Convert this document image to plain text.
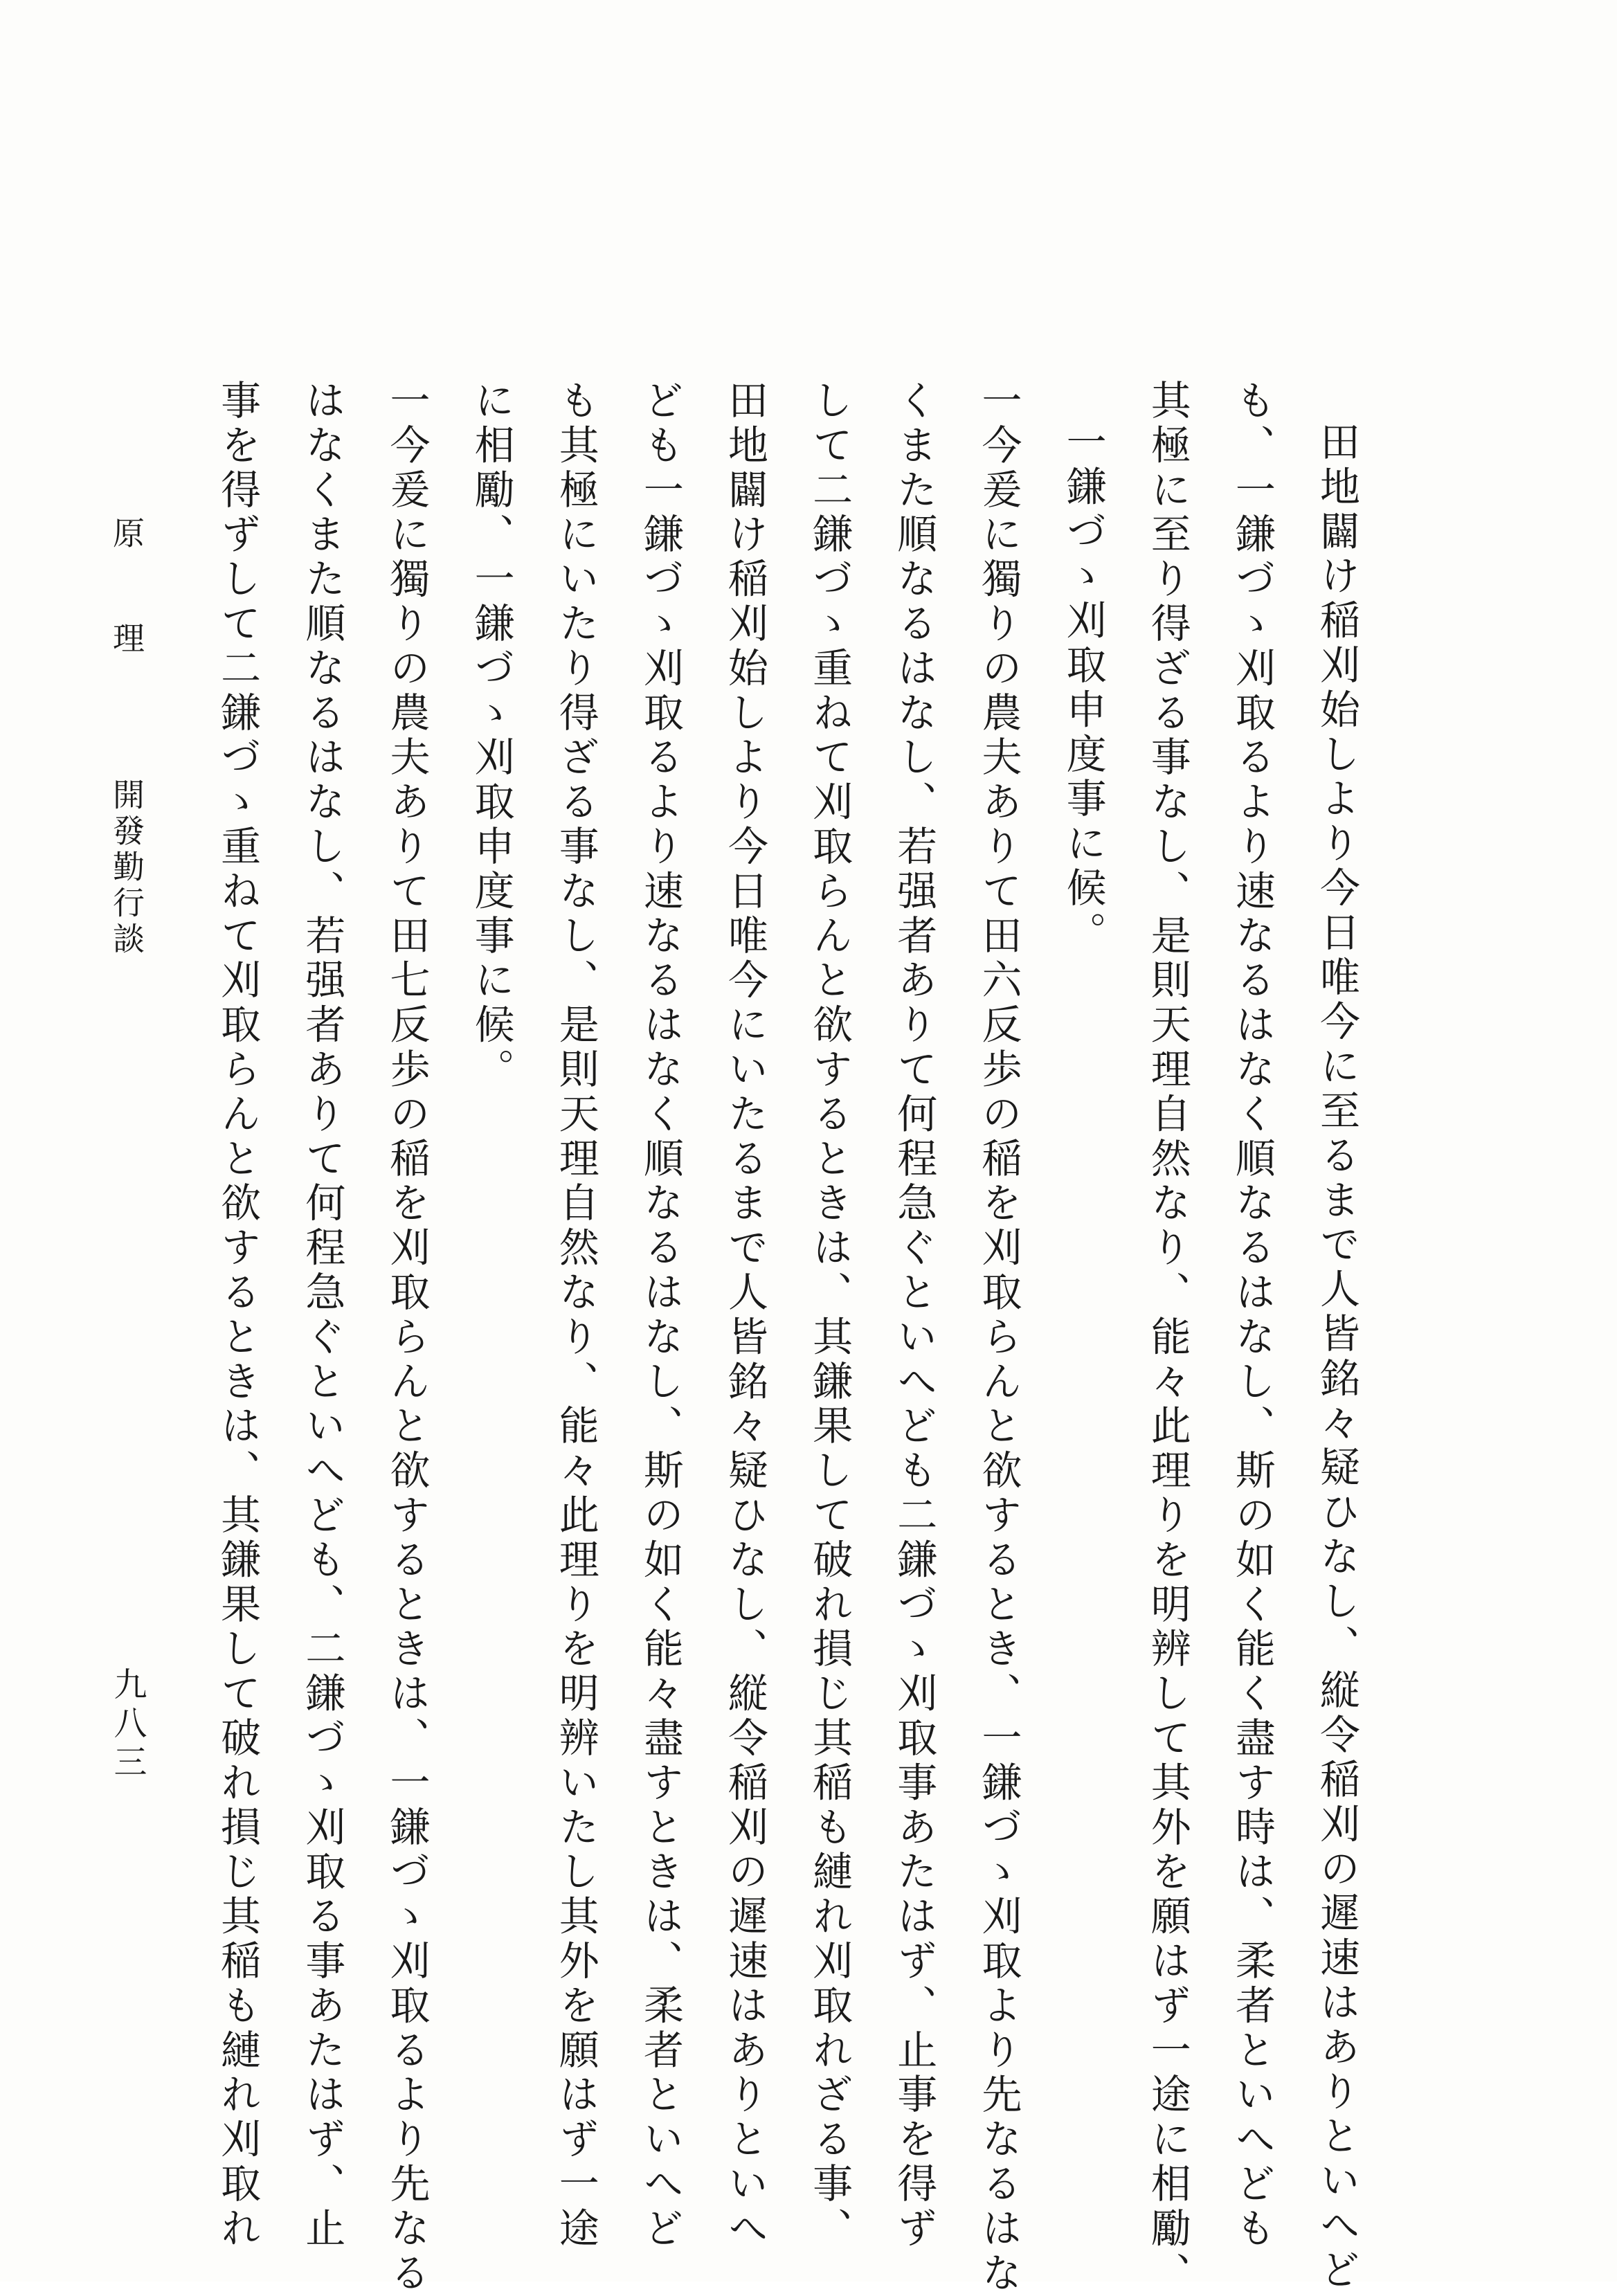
田地闢け稲刈始しより今日唯今に至るまで人皆銘々疑ひなし、縦令稲刈の遲速はありといへど
も、一鎌づゝ刈取るより速なるはなく順なるはなし、斯の如く能く盡す時は、柔者といへども
其極に至り得ざる事なし、是則天理自然なり、能々此理りを明辨して其外を願はず一途に相勵、
一鎌づゝ刈取申度事に候。
一今爰に獨りの農夫ありて田六反歩の稲を刈取らんと欲するとき、一鎌づゝ刈取より先なるはな
くまた順なるはなし、若强者ありて何程急ぐといへども二鎌づゝ刈取事あたはず、止事を得ず
して二鎌づゝ重ねて刈取らんと欲するときは、其鎌果して破れ損じ其稲も縺れ刈取れざる事、
田地闢け稲刈始しより今日唯今にいたるまで人皆銘々疑ひなし、縦令稲刈の遲速はありといへ
ども一鎌づゝ刈取るより速なるはなく順なるはなし、斯の如く能々盡すときは、柔者といへど
も其極にいたり得ざる事なし、是則天理自然なり、能々此理りを明辨いたし其外を願はず一途
に相勵、一鎌づゝ刈取申度事に候。
一今爰に獨りの農夫ありて田七反歩の稲を刈取らんと欲するときは、一鎌づゝ刈取るより先なる
はなくまた順なるはなし、若强者ありて何程急ぐといへども、二鎌づゝ刈取る事あたはず、止
事を得ずして二鎌づゝ重ねて刈取らんと欲するときは、其鎌果して破れ損じ其稲も縺れ刈取れ
原 理 開發勤行談
九八三
